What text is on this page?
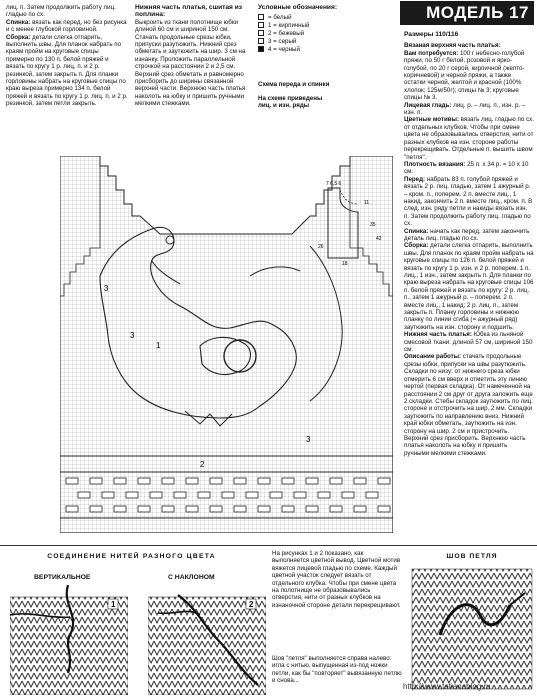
лиц. п. Затем продолжить работу лиц. гладью по сх.

Спинка: вязать как перед, но без рисунка и с менее глубокой горловиной.

Сборка: детали слегка отпарить, выполнить швы. Для планок набрать по краям пройм на круговые спицы примерно по 130 п. белой пряжей и вязать по кругу 1 р. лиц. п. и 2 р. резинкой, затем закрыть п. Для планки горловины набрать на круговые спицы по краю выреза примерно 134 п. белой пряжей и вязать по кругу 1 р. лиц. п. и 2 р. резинкой, затем петли закрыть.

Нижняя часть платья, сшитая из поплина:

Выкроить из ткани полотнище юбки длиной 60 см и шириной 150 см. Стачать продольные срезы юбки, припуски разутюжить. Нижний срез обметать и заутюжить на шир. 3 см на изнанку. Проложить параллельной строчкой на расстоянии 2 и 2,5 см. Верхний срез обметать и равномерно присборить до ширины связанной верхней части. Верхнюю часть платья наколоть на юбку и пришить ручными мелкими стежками.

Условные обозначения:

= белый
1 = кирпичный
2 = бежевый
3 = серый
4 = черный

Схема переда и спинки

На схеме приведены

лиц. и изн. ряды

МОДЕЛЬ 17

Размеры 110/116

Вязаная верхняя часть платья:

Вам потребуется: 100 г небесно-голубой пряжи, по 50 г белой, розовой и ярко-голубой, по 20 г серой, кирпичной (желто-коричневой) и черной пряжи, а также остатки черной, желтой и красной (100% хлопок; 125м/50г); спицы № 3; круговые спицы № 3.

Лицевая гладь: лиц. р. – лиц. п., изн. р. – изн. п.

Цветные мотивы: вязать лиц. гладью по сх. от отдельных клубков. Чтобы при смене цвета не образовывались отверстия, нити от разных клубков на изн. стороне работы перекрещивать. Отдельные п. вышить швом "петля".

Плотность вязания: 25 п. х 34 р. = 10 х 10 см.

Перед: набрать 83 п. голубой пряжей и вязать 2 р. лиц. гладью, затем 1 ажурный р. – кром. п., поперем. 2 п. вместе лиц., 1 накид, закончить 2 п. вместе лиц., кром. п. В след. изн. ряду петли и накиды вязать изн. п. Затем продолжить работу лиц. гладью по сх.

Спинка: начать как перед, затем закончить деталь лиц. гладью по сх.

Сборка: детали слегка отпарить, выполнить швы. Для планок по краям пройм набрать на круговые спицы по 126 п. белой пряжей и вязать по кругу 1 р. изн. и 2 р. поперем. 1 п. лиц., 1 изн., затем закрыть п. Для планки по краю выреза набрать на круговые спицы 106 п. белой пряжей и вязать по кругу: 2 р. лиц. п., затем 1 ажурный р. – поперем. 2 п. вместе лиц., 1 накид; 2 р. лиц. п., затем закрыть п. Планку горловины и нижнюю планку по линии сгиба (= ажурный ряд) заутюжить на изн. сторону и подшить.

Нижняя часть платья: Юбка из льняной смесовой ткани: длиной 57 см, шириной 150 см.

Описание работы: стачать продольные срезы юбки, припуски на швы разутюжить. Складки по низу: от нижнего среза юбки отмерить 6 см вверх и отметить эту линию чертой (первая складка). От намеченной на расстоянии 2 см друг от друга заложить еще 2 складки. Стебы складок заутюжить по лиц. стороне и отстрочить на шир. 2 мм. Складки заутюжить по направлению вниз. Нижний край юбки обметать, заутюжить на изн. сторону на шир. 2 см и пристрочить. Верхний срез присборить. Верхнюю часть платья наколоть на юбку и пришить ручными мелкими стежками.

3
3
3
1
2
7 6,5 6
11
35
42
18
26
СОЕДИНЕНИЕ НИТЕЙ РАЗНОГО ЦВЕТА
ВЕРТИКАЛЬНОЕ	С НАКЛОНОМ
1	2

На рисунках 1 и 2 показано, как выполняется цветной вывод. Цветной мотив вяжется лицевой гладью по схеме. Каждый цветной участок следует вязать от отдельного клубка. Чтобы при смене цвета на полотнище не образовывались отверстия, нити от разных клубков на изнаночной стороне детали перекрещивают.

Шов "петля" выполняется справа налево: игла с нитью, выпущенная из-под ножки петли, как бы "повторяет" вывязанную петлю и снова...

ШОВ ПЕТЛЯ
http://www.tatianablog.ru
